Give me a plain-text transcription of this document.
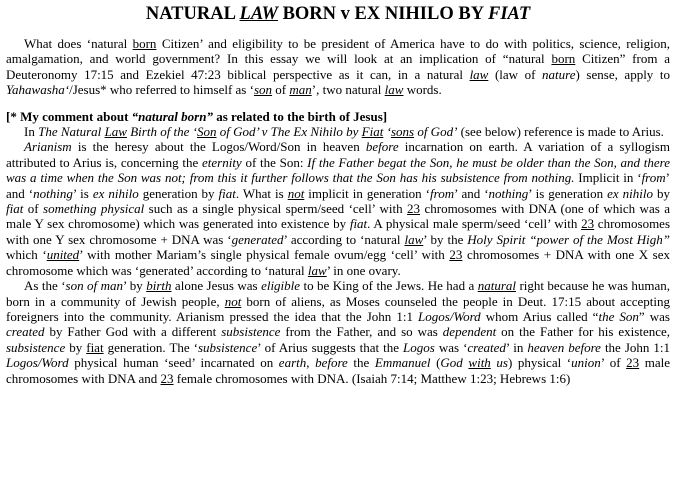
NATURAL LAW BORN v EX NIHILO BY FIAT

What does ‘natural born Citizen’ and eligibility to be president of America have to do with politics, science, religion, amalgamation, and world government? In this essay we will look at an implication of “natural born Citizen” from a Deuteronomy 17:15 and Ezekiel 47:23 biblical perspective as it can, in a natural law (law of nature) sense, apply to Yahawasha‘/Jesus* who referred to himself as ‘son of man’, two natural law words.

[* My comment about “natural born” as related to the birth of Jesus]

In The Natural Law Birth of the ‘Son of God’ v The Ex Nihilo by Fiat ‘sons of God’ (see below) reference is made to Arius.

Arianism is the heresy about the Logos/Word/Son in heaven before incarnation on earth. A variation of a syllogism attributed to Arius is, concerning the eternity of the Son: If the Father begat the Son, he must be older than the Son, and there was a time when the Son was not; from this it further follows that the Son has his subsistence from nothing. Implicit in ‘from’ and ‘nothing’ is ex nihilo generation by fiat. What is not implicit in generation ‘from’ and ‘nothing’ is generation ex nihilo by fiat of something physical such as a single physical sperm/seed ‘cell’ with 23 chromosomes with DNA (one of which was a male Y sex chromosome) which was generated into existence by fiat. A physical male sperm/seed ‘cell’ with 23 chromosomes with one Y sex chromosome + DNA was ‘generated’ according to ‘natural law’ by the Holy Spirit “power of the Most High” which ‘united’ with mother Mariam’s single physical female ovum/egg ‘cell’ with 23 chromosomes + DNA with one X sex chromosome which was ‘generated’ according to ‘natural law’ in one ovary.

As the ‘son of man’ by birth alone Jesus was eligible to be King of the Jews. He had a natural right because he was human, born in a community of Jewish people, not born of aliens, as Moses counseled the people in Deut. 17:15 about accepting foreigners into the community. Arianism pressed the idea that the John 1:1 Logos/Word whom Arius called “the Son” was created by Father God with a different subsistence from the Father, and so was dependent on the Father for his existence, subsistence by fiat generation. The ‘subsistence’ of Arius suggests that the Logos was ‘created’ in heaven before the John 1:1 Logos/Word physical human ‘seed’ incarnated on earth, before the Emmanuel (God with us) physical ‘union’ of 23 male chromosomes with DNA and 23 female chromosomes with DNA. (Isaiah 7:14; Matthew 1:23; Hebrews 1:6)
